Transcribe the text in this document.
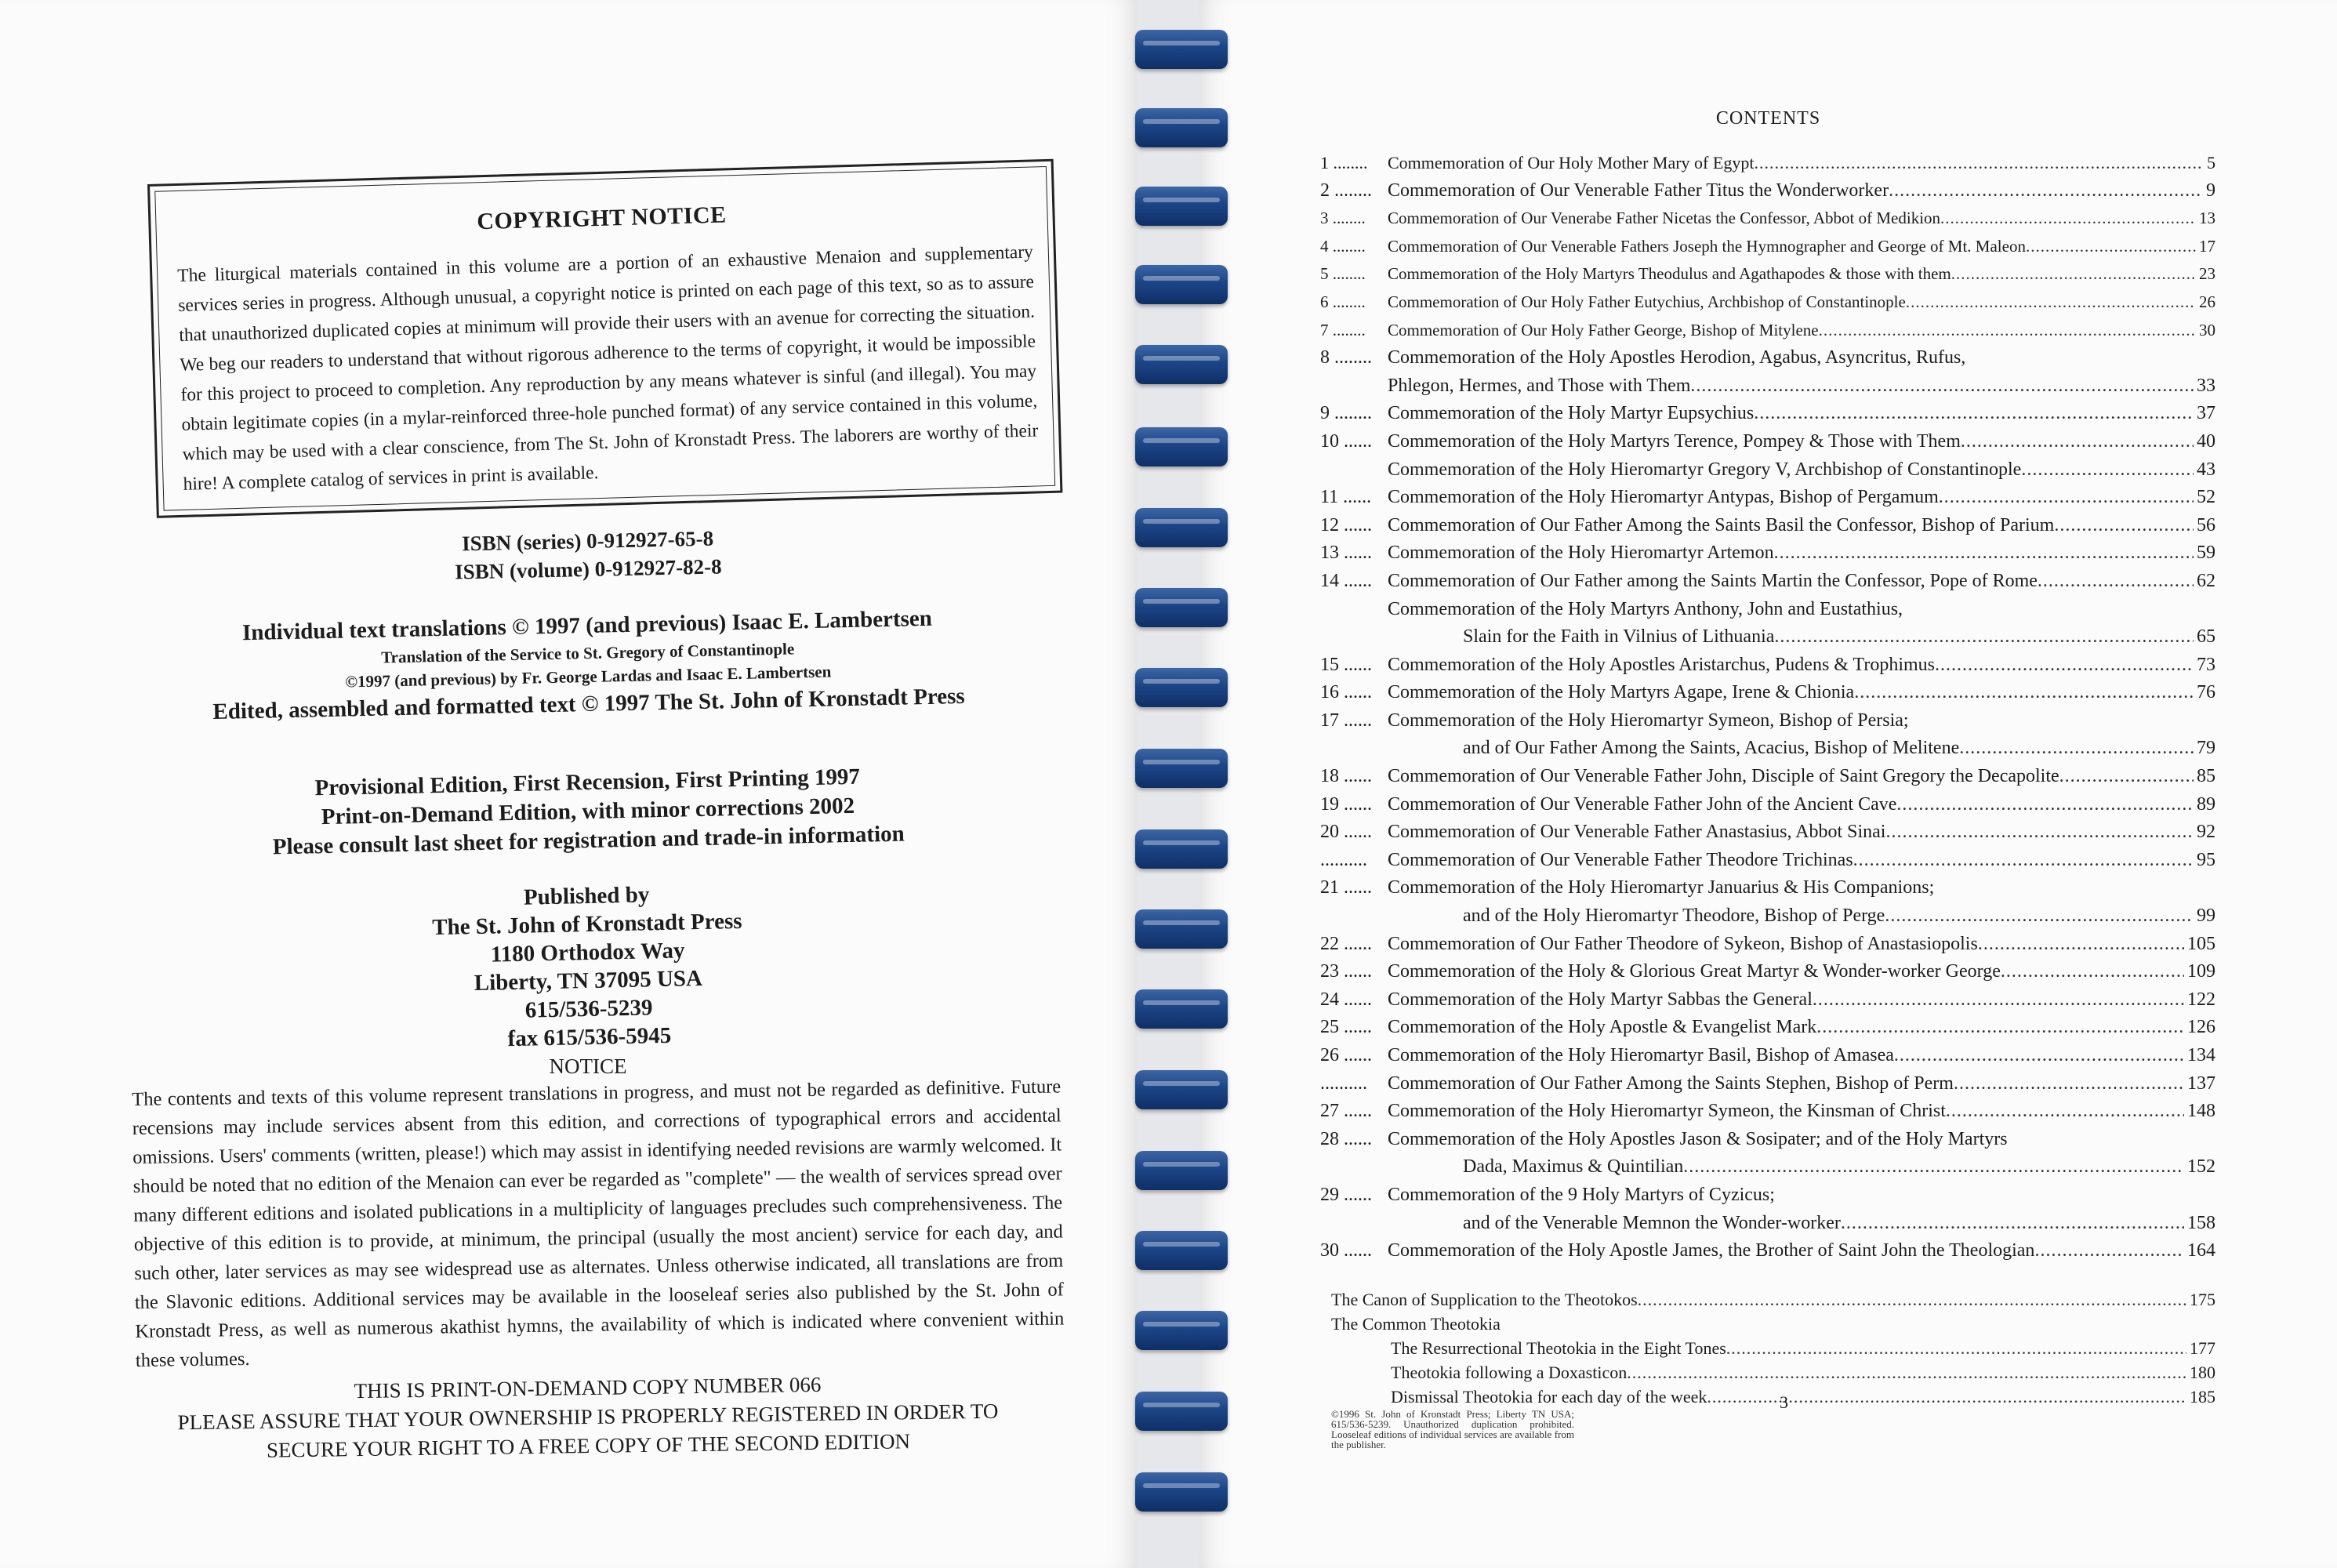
COPYRIGHT NOTICE
The liturgical materials contained in this volume are a portion of an exhaustive Menaion and supplementary services series in progress. Although unusual, a copyright notice is printed on each page of this text, so as to assure that unauthorized duplicated copies at minimum will provide their users with an avenue for correcting the situation. We beg our readers to understand that without rigorous adherence to the terms of copyright, it would be impossible for this project to proceed to completion. Any reproduction by any means whatever is sinful (and illegal). You may obtain legitimate copies (in a mylar-reinforced three-hole punched format) of any service contained in this volume, which may be used with a clear conscience, from The St. John of Kronstadt Press. The laborers are worthy of their hire! A complete catalog of services in print is available.
ISBN (series) 0-912927-65-8
ISBN (volume) 0-912927-82-8
Individual text translations © 1997 (and previous) Isaac E. Lambertsen
Translation of the Service to St. Gregory of Constantinople
©1997 (and previous) by Fr. George Lardas and Isaac E. Lambertsen
Edited, assembled and formatted text © 1997 The St. John of Kronstadt Press
Provisional Edition, First Recension, First Printing 1997
Print-on-Demand Edition, with minor corrections 2002
Please consult last sheet for registration and trade-in information
Published by
The St. John of Kronstadt Press
1180 Orthodox Way
Liberty, TN 37095 USA
615/536-5239
fax 615/536-5945
NOTICE
The contents and texts of this volume represent translations in progress, and must not be regarded as definitive. Future recensions may include services absent from this edition, and corrections of typographical errors and accidental omissions. Users' comments (written, please!) which may assist in identifying needed revisions are warmly welcomed. It should be noted that no edition of the Menaion can ever be regarded as "complete" — the wealth of services spread over many different editions and isolated publications in a multiplicity of languages precludes such comprehensiveness. The objective of this edition is to provide, at minimum, the principal (usually the most ancient) service for each day, and such other, later services as may see widespread use as alternates. Unless otherwise indicated, all translations are from the Slavonic editions. Additional services may be available in the looseleaf series also published by the St. John of Kronstadt Press, as well as numerous akathist hymns, the availability of which is indicated where convenient within these volumes.
THIS IS PRINT-ON-DEMAND COPY NUMBER 066
PLEASE ASSURE THAT YOUR OWNERSHIP IS PROPERLY REGISTERED IN ORDER TO
SECURE YOUR RIGHT TO A FREE COPY OF THE SECOND EDITION
CONTENTS
1 ........	Commemoration of Our Holy Mother Mary of Egypt .....	5
2 ........ Commemoration of Our Venerable Father Titus the Wonderworker .....	9
3 ........	Commemoration of Our Venerabe Father Nicetas the Confessor, Abbot of Medikion .....	13
4 ........	Commemoration of Our Venerable Fathers Joseph the Hymnographer and George of Mt. Maleon .....	17
5 ........	Commemoration of the Holy Martyrs Theodulus and Agathapodes & those with them .....	23
6 ........	Commemoration of Our Holy Father Eutychius, Archbishop of Constantinople .....	26
7 ........	Commemoration of Our Holy Father George, Bishop of Mitylene .....	30
8 ........ Commemoration of the Holy Apostles Herodion, Agabus, Asyncritus, Rufus,
Phlegon, Hermes, and Those with Them .....	33
9 ........ Commemoration of the Holy Martyr Eupsychius .....	37
10 ...... Commemoration of the Holy Martyrs Terence, Pompey & Those with Them .....	40
Commemoration of the Holy Hieromartyr Gregory V, Archbishop of Constantinople .....	43
11 ...... Commemoration of the Holy Hieromartyr Antypas, Bishop of Pergamum .....	52
12 ...... Commemoration of Our Father Among the Saints Basil the Confessor, Bishop of Parium .....	56
13 ...... Commemoration of the Holy Hieromartyr Artemon .....	59
14 ...... Commemoration of Our Father among the Saints Martin the Confessor, Pope of Rome .....	62
Commemoration of the Holy Martyrs Anthony, John and Eustathius,
Slain for the Faith in Vilnius of Lithuania .....	65
15 ...... Commemoration of the Holy Apostles Aristarchus, Pudens & Trophimus .....	73
16 ...... Commemoration of the Holy Martyrs Agape, Irene & Chionia .....	76
17 ...... Commemoration of the Holy Hieromartyr Symeon, Bishop of Persia;
and of Our Father Among the Saints, Acacius, Bishop of Melitene .....	79
18 ...... Commemoration of Our Venerable Father John, Disciple of Saint Gregory the Decapolite .....	85
19 ...... Commemoration of Our Venerable Father John of the Ancient Cave .....	89
20 ...... Commemoration of Our Venerable Father Anastasius, Abbot Sinai .....	92
..........	Commemoration of Our Venerable Father Theodore Trichinas .....	95
21 ...... Commemoration of the Holy Hieromartyr Januarius & His Companions;
and of the Holy Hieromartyr Theodore, Bishop of Perge .....	99
22 ...... Commemoration of Our Father Theodore of Sykeon, Bishop of Anastasiopolis .....	105
23 ...... Commemoration of the Holy & Glorious Great Martyr & Wonder-worker George .....	109
24 ...... Commemoration of the Holy Martyr Sabbas the General .....	122
25 ...... Commemoration of the Holy Apostle & Evangelist Mark .....	126
26 ...... Commemoration of the Holy Hieromartyr Basil, Bishop of Amasea .....	134
..........	Commemoration of Our Father Among the Saints Stephen, Bishop of Perm .....	137
27 ...... Commemoration of the Holy Hieromartyr Symeon, the Kinsman of Christ .....	148
28 ...... Commemoration of the Holy Apostles Jason & Sosipater; and of the Holy Martyrs
Dada, Maximus & Quintilian .....	152
29 ...... Commemoration of the 9 Holy Martyrs of Cyzicus;
and of the Venerable Memnon the Wonder-worker .....	158
30 ...... Commemoration of the Holy Apostle James, the Brother of Saint John the Theologian .....	164
The Canon of Supplication to the Theotokos .....	175
The Common Theotokia
The Resurrectional Theotokia in the Eight Tones .....	177
Theotokia following a Doxasticon .....	180
Dismissal Theotokia for each day of the week .....	185
©1996 St. John of Kronstadt Press; Liberty TN USA; 615/536-5239. Unauthorized duplication prohibited. Looseleaf editions of individual services are available from the publisher.
3
